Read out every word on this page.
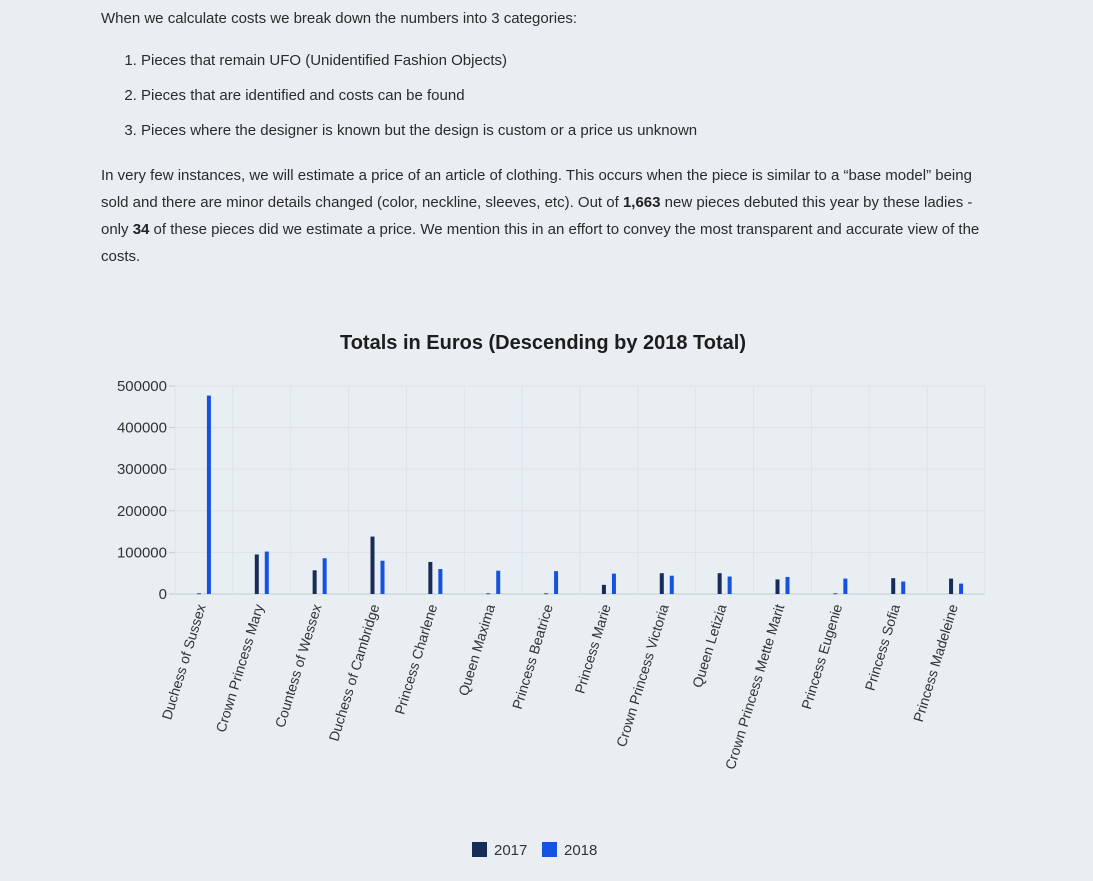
When we calculate costs we break down the numbers into 3 categories:

1. Pieces that remain UFO (Unidentified Fashion Objects)
2. Pieces that are identified and costs can be found
3. Pieces where the designer is known but the design is custom or a price us unknown

In very few instances, we will estimate a price of an article of clothing. This occurs when the piece is similar to a “base model” being sold and there are minor details changed (color, neckline, sleeves, etc). Out of 1,663 new pieces debuted this year by these ladies - only 34 of these pieces did we estimate a price. We mention this in an effort to convey the most transparent and accurate view of the costs.

Totals in Euros (Descending by 2018 Total)
0
100000
200000
300000
400000
500000
Duchess of Sussex Crown Princess Mary Countess of Wessex Duchess of Cambridge Princess Charlene Queen Maxima Princess Beatrice Princess Marie Crown Princess Victoria Queen Letizia
Crown Princess Mette Marit Princess Eugenie Princess Sofia Princess Madeleine
2017 2018
